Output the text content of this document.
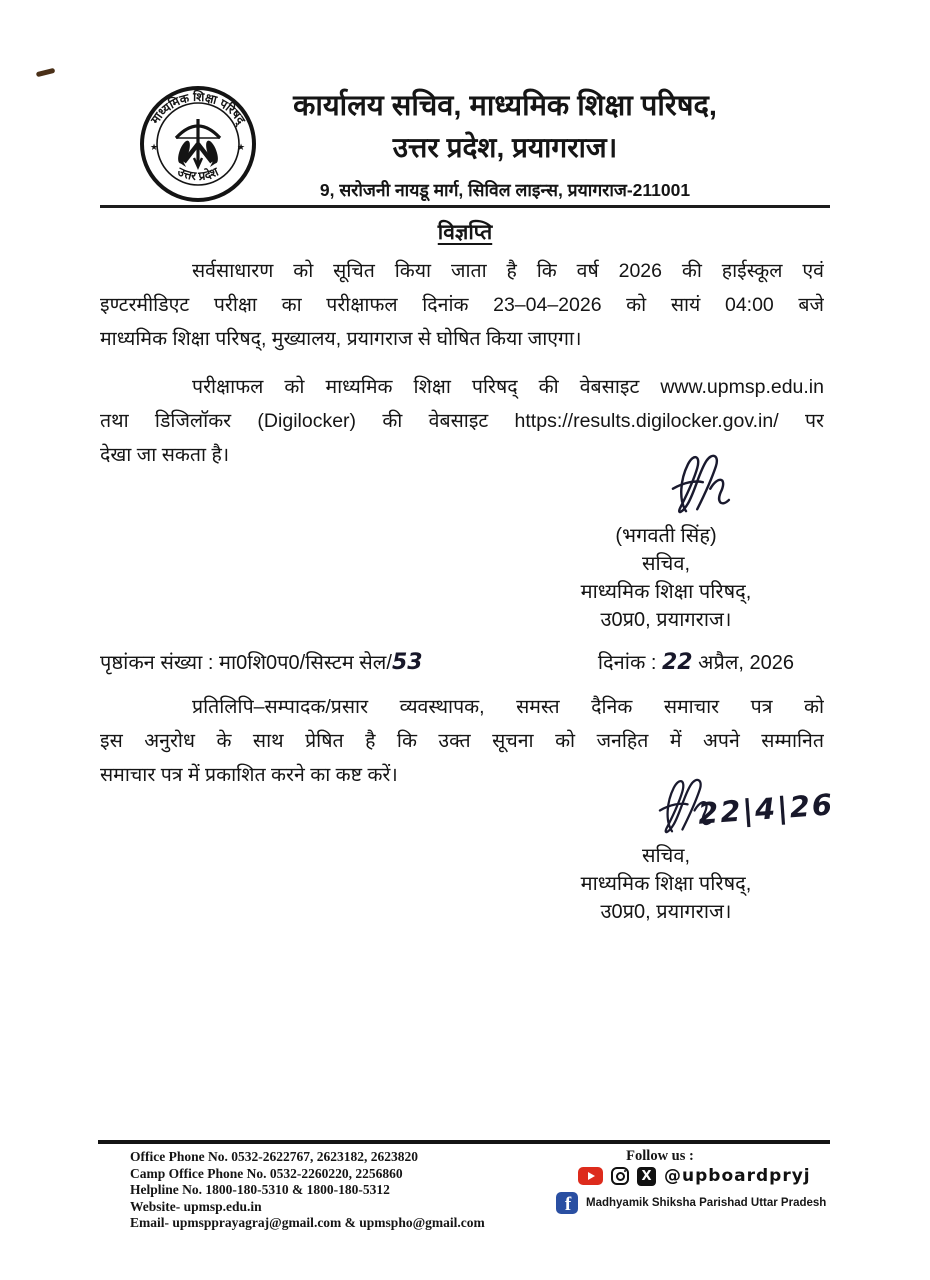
माध्यमिक शिक्षा परिषद्
उत्तर प्रदेश
★	★
कार्यालय सचिव, माध्यमिक शिक्षा परिषद,
उत्तर प्रदेश, प्रयागराज।
9, सरोजनी नायडू मार्ग, सिविल लाइन्स, प्रयागराज-211001
विज्ञप्ति
सर्वसाधारण को सूचित किया जाता है कि वर्ष 2026 की हाईस्कूल एवं
इण्टरमीडिएट परीक्षा का परीक्षाफल दिनांक 23–04–2026 को सायं 04:00 बजे
माध्यमिक शिक्षा परिषद्, मुख्यालय, प्रयागराज से घोषित किया जाएगा।
परीक्षाफल को माध्यमिक शिक्षा परिषद् की वेबसाइट www.upmsp.edu.in
तथा डिजिलॉकर (Digilocker) की वेबसाइट https://results.digilocker.gov.in/ पर
देखा जा सकता है।
(भगवती सिंह)
सचिव,
माध्यमिक शिक्षा परिषद्,
उ0प्र0, प्रयागराज।
पृष्ठांकन संख्या : मा0शि0प0/सिस्टम सेल/53	दिनांक : 22 अप्रैल, 2026
प्रतिलिपि–सम्पादक/प्रसार व्यवस्थापक, समस्त दैनिक समाचार पत्र को
इस अनुरोध के साथ प्रेषित है कि उक्त सूचना को जनहित में अपने सम्मानित
समाचार पत्र में प्रकाशित करने का कष्ट करें।
22|4|26
सचिव,
माध्यमिक शिक्षा परिषद्,
उ0प्र0, प्रयागराज।
Office Phone No. 0532-2622767, 2623182, 2623820
Camp Office Phone No. 0532-2260220, 2256860
Helpline No. 1800-180-5310 & 1800-180-5312
Website- upmsp.edu.in
Email- upmspprayagraj@gmail.com & upmspho@gmail.com
Follow us :
X
@upboardpryj
f
Madhyamik Shiksha Parishad Uttar Pradesh
